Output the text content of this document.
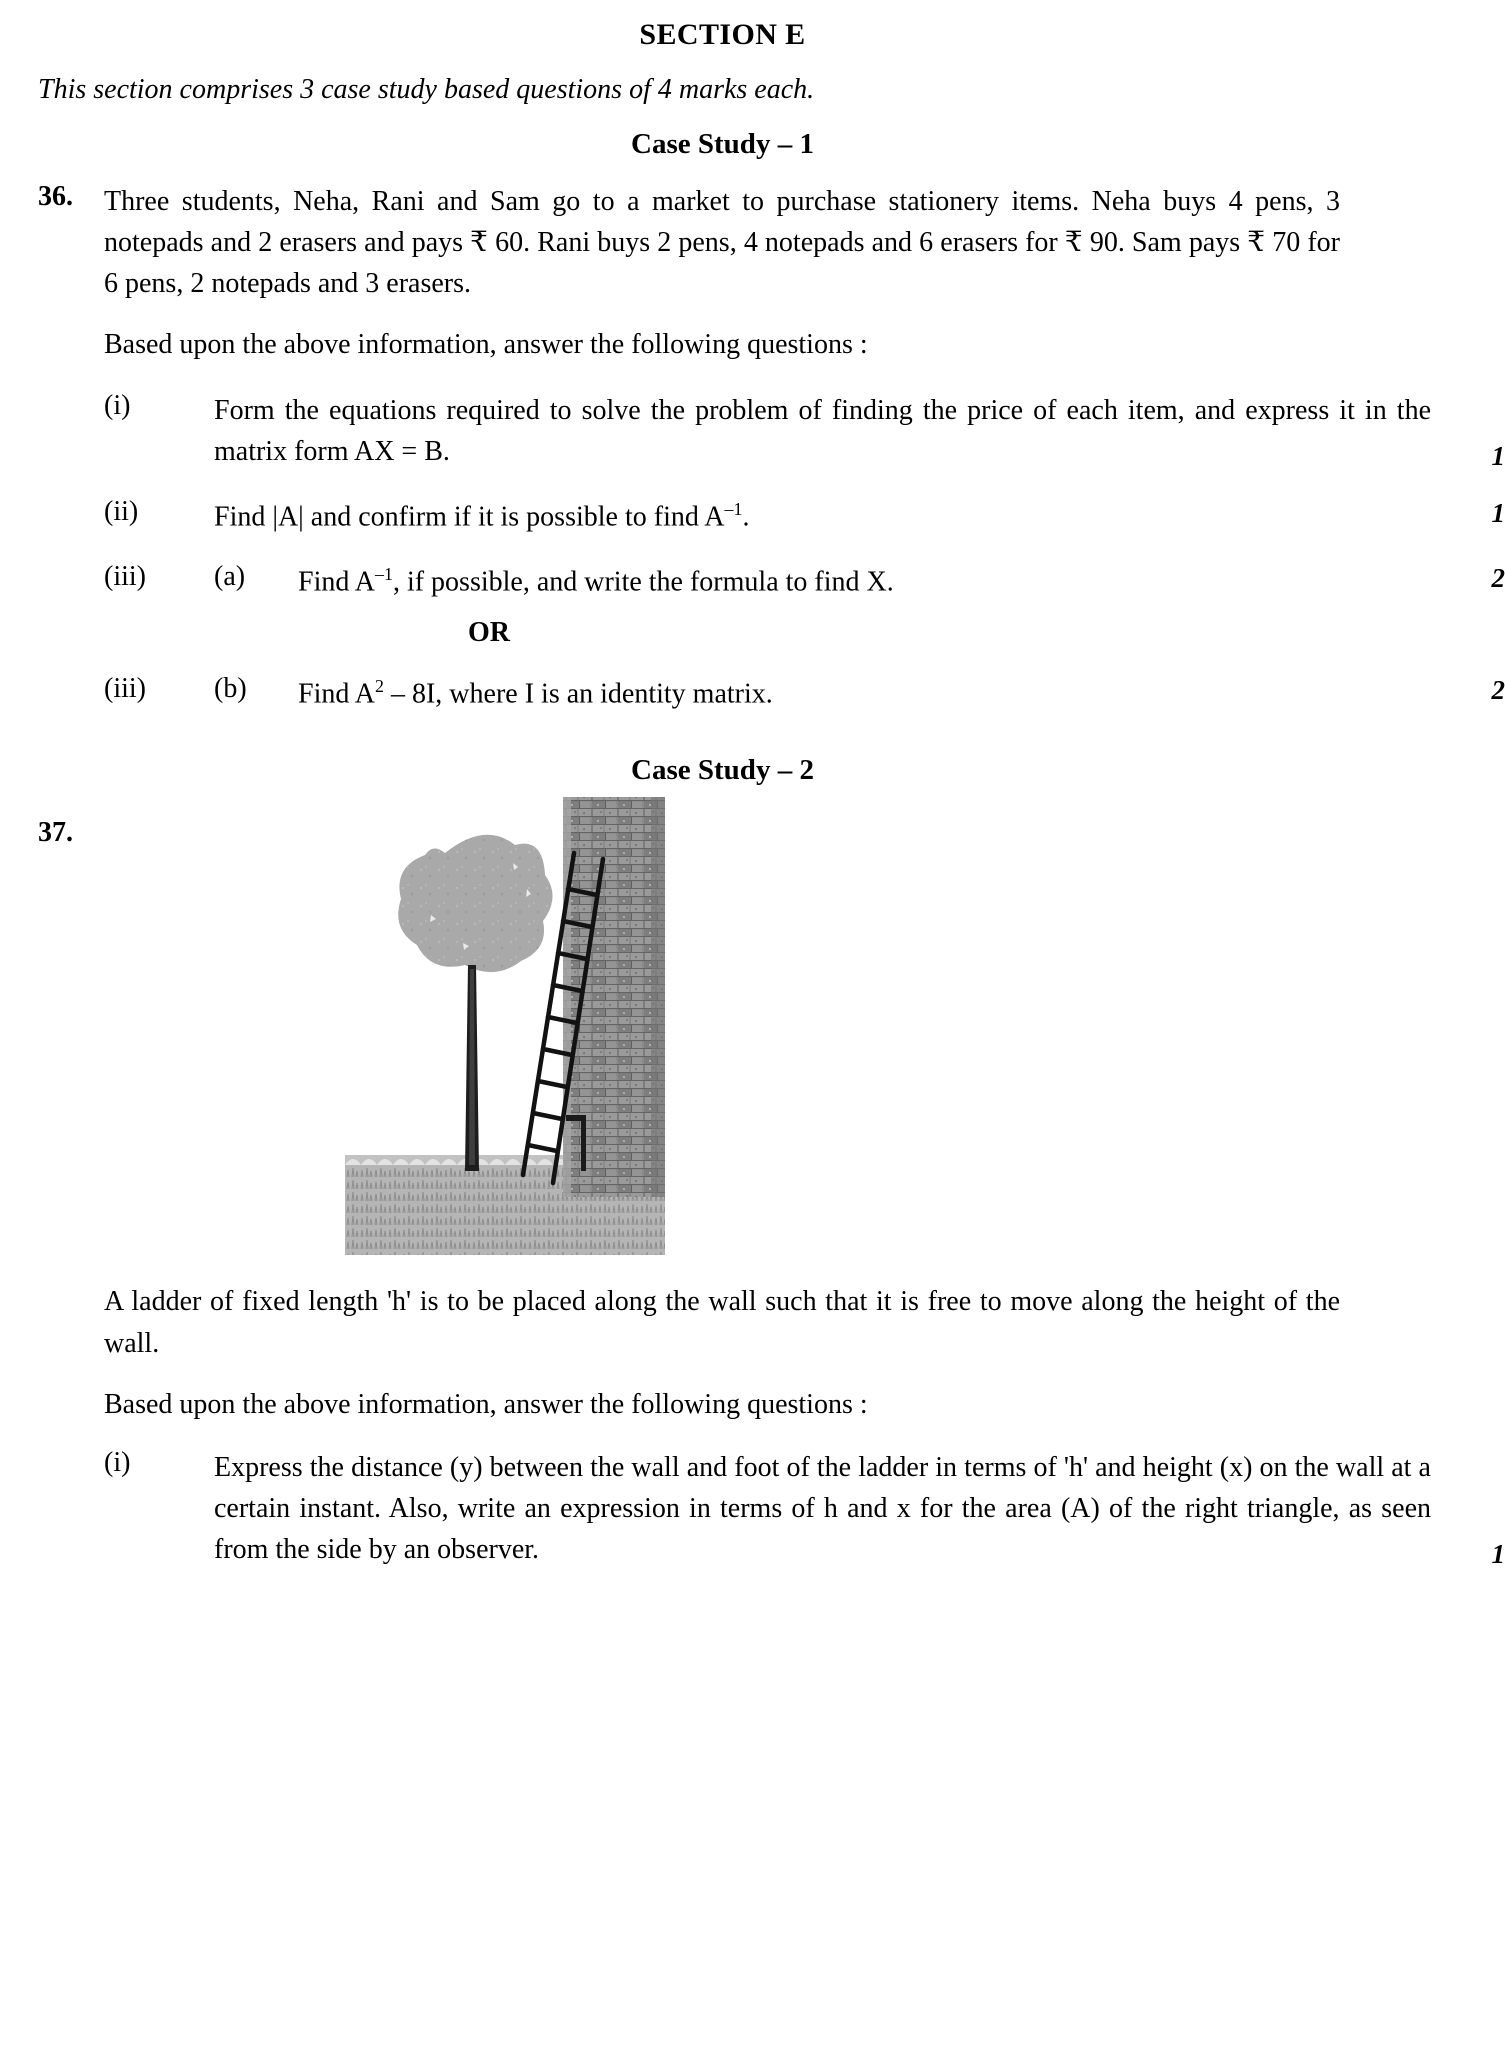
SECTION E
This section comprises 3 case study based questions of 4 marks each.
Case Study – 1
36.	Three students, Neha, Rani and Sam go to a market to purchase stationery items. Neha buys 4 pens, 3 notepads and 2 erasers and pays ₹ 60. Rani buys 2 pens, 4 notepads and 6 erasers for ₹ 90. Sam pays ₹ 70 for 6 pens, 2 notepads and 3 erasers.
Based upon the above information, answer the following questions :
(i)	Form the equations required to solve the problem of finding the price of each item, and express it in the matrix form AX = B.	1
(ii)	Find |A| and confirm if it is possible to find $A^{-1}$.	1
(iii)	(a)	Find $A^{-1}$, if possible, and write the formula to find X.	2
OR
(iii)	(b)	Find $A^2 - 8I$, where I is an identity matrix.	2
Case Study – 2
37.
A ladder of fixed length 'h' is to be placed along the wall such that it is free to move along the height of the wall.
Based upon the above information, answer the following questions :
(i)	Express the distance (y) between the wall and foot of the ladder in terms of 'h' and height (x) on the wall at a certain instant. Also, write an expression in terms of h and x for the area (A) of the right triangle, as seen from the side by an observer.	1
